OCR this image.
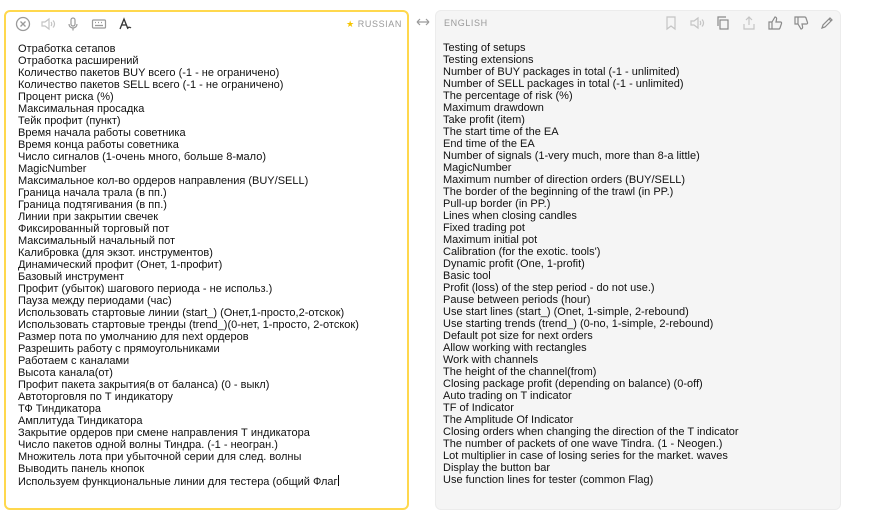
★ RUSSIAN
Отработка сетапов
Отработка расширений
Количество пакетов BUY всего (-1 - не ограничено)
Количество пакетов SELL всего (-1 - не ограничено)
Процент риска (%)
Максимальная просадка
Тейк профит (пункт)
Время начала работы советника
Время конца работы советника
Число сигналов (1-очень много, больше 8-мало)
MagicNumber
Максимальное кол-во ордеров направления (BUY/SELL)
Граница начала трала (в пп.)
Граница подтягивания (в пп.)
Линии при закрытии свечек
Фиксированный торговый пот
Максимальный начальный пот
Калибровка (для экзот. инструментов)
Динамический профит (Онет, 1-профит)
Базовый инструмент
Профит (убыток) шагового периода - не использ.)
Пауза между периодами (час)
Использовать стартовые линии (start_) (Онет,1-просто,2-отскок)
Использовать стартовые тренды (trend_)(0-нет, 1-просто, 2-отскок)
Размер пота по умолчанию для next ордеров
Разрешить работу с прямоугольниками
Работаем с каналами
Высота канала(от)
Профит пакета закрытия(в от баланса) (0 - выкл)
Автоторговля по Т индикатору
ТФ Тиндикатора
Амплитуда Тиндикатора
Закрытие ордеров при смене направления Т индикатора
Число пакетов одной волны Тиндра. (-1 - неогран.)
Множитель лота при убыточной серии для след. волны
Выводить панель кнопок
Используем функциональные линии для тестера (общий Флаг
ENGLISH
Testing of setups
Testing extensions
Number of BUY packages in total (-1 - unlimited)
Number of SELL packages in total (-1 - unlimited)
The percentage of risk (%)
Maximum drawdown
Take profit (item)
The start time of the EA
End time of the EA
Number of signals (1-very much, more than 8-a little)
MagicNumber
Maximum number of direction orders (BUY/SELL)
The border of the beginning of the trawl (in PP.)
Pull-up border (in PP.)
Lines when closing candles
Fixed trading pot
Maximum initial pot
Calibration (for the exotic. tools')
Dynamic profit (One, 1-profit)
Basic tool
Profit (loss) of the step period - do not use.)
Pause between periods (hour)
Use start lines (start_) (Onet, 1-simple, 2-rebound)
Use starting trends (trend_) (0-no, 1-simple, 2-rebound)
Default pot size for next orders
Allow working with rectangles
Work with channels
The height of the channel(from)
Closing package profit (depending on balance) (0-off)
Auto trading on T indicator
TF of Indicator
The Amplitude Of Indicator
Closing orders when changing the direction of the T indicator
The number of packets of one wave Tindra. (1 - Neogen.)
Lot multiplier in case of losing series for the market. waves
Display the button bar
Use function lines for tester (common Flag)
